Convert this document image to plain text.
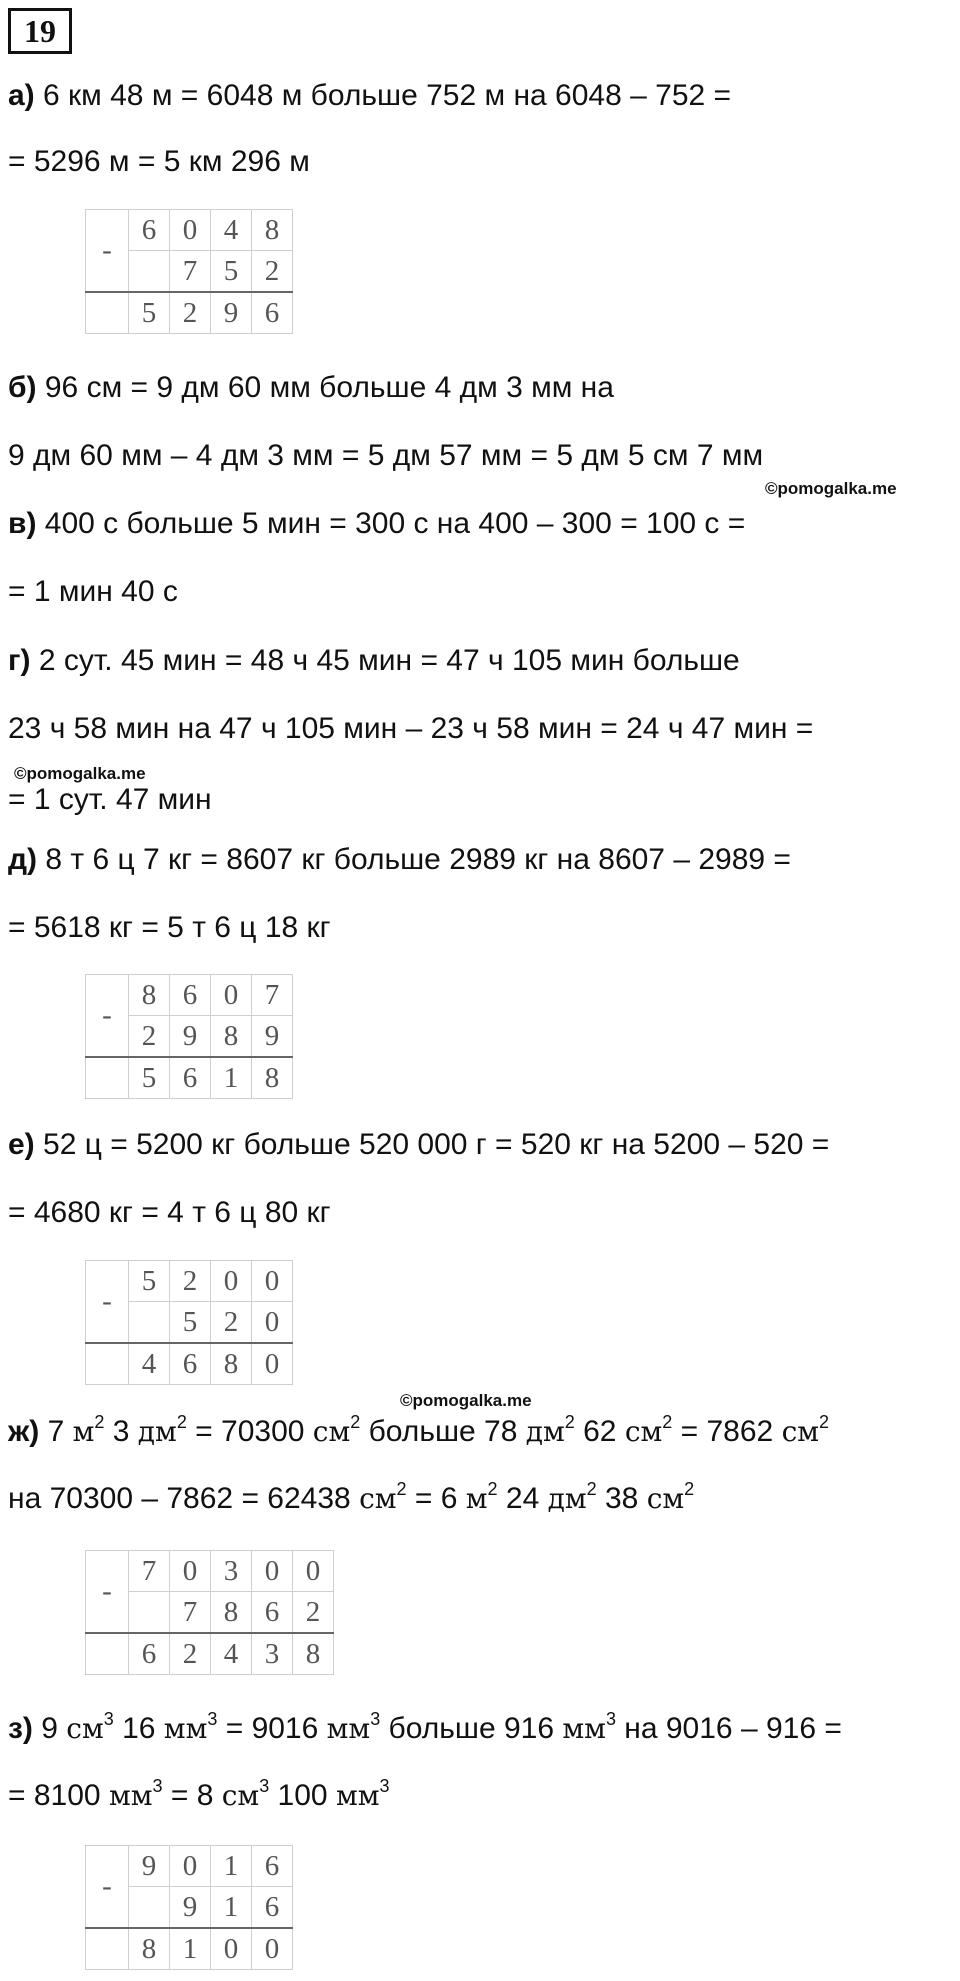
19
а) 6 км 48 м = 6048 м больше 752 м на 6048 – 752 =
= 5296 м = 5 км 296 м
-	6	0	4	8
		7	5	2
	5	2	9	6
б) 96 см = 9 дм 60 мм больше 4 дм 3 мм на
9 дм 60 мм – 4 дм 3 мм = 5 дм 57 мм = 5 дм 5 см 7 мм
©pomogalka.me
в) 400 с больше 5 мин = 300 с на 400 – 300 = 100 с =
= 1 мин 40 с
г) 2 сут. 45 мин = 48 ч 45 мин = 47 ч 105 мин больше
23 ч 58 мин на 47 ч 105 мин – 23 ч 58 мин = 24 ч 47 мин =
©pomogalka.me
= 1 сут. 47 мин
д) 8 т 6 ц 7 кг = 8607 кг больше 2989 кг на 8607 – 2989 =
= 5618 кг = 5 т 6 ц 18 кг
-	8	6	0	7
	2	9	8	9
	5	6	1	8
е) 52 ц = 5200 кг больше 520 000 г = 520 кг на 5200 – 520 =
= 4680 кг = 4 т 6 ц 80 кг
-	5	2	0	0
		5	2	0
	4	6	8	0
©pomogalka.me
ж) 7 $м^2$ 3 $дм^2 = 70300$ $см^2$ больше 78 $дм^2$ 62 $см^2 = 7862$ $см^2$
на 70300 – 7862 = 62438 $см^2 = 6$ $м^2$ 24 $дм^2$ 38 $см^2$
-	7	0	3	0	0
		7	8	6	2
	6	2	4	3	8
з) 9 $см^3$ 16 $мм^3 = 9016$ $мм^3$ больше 916 $мм^3$ на 9016 – 916 =
= 8100 $мм^3 = 8$ $см^3$ 100 $мм^3$
-	9	0	1	6
		9	1	6
	8	1	0	0
